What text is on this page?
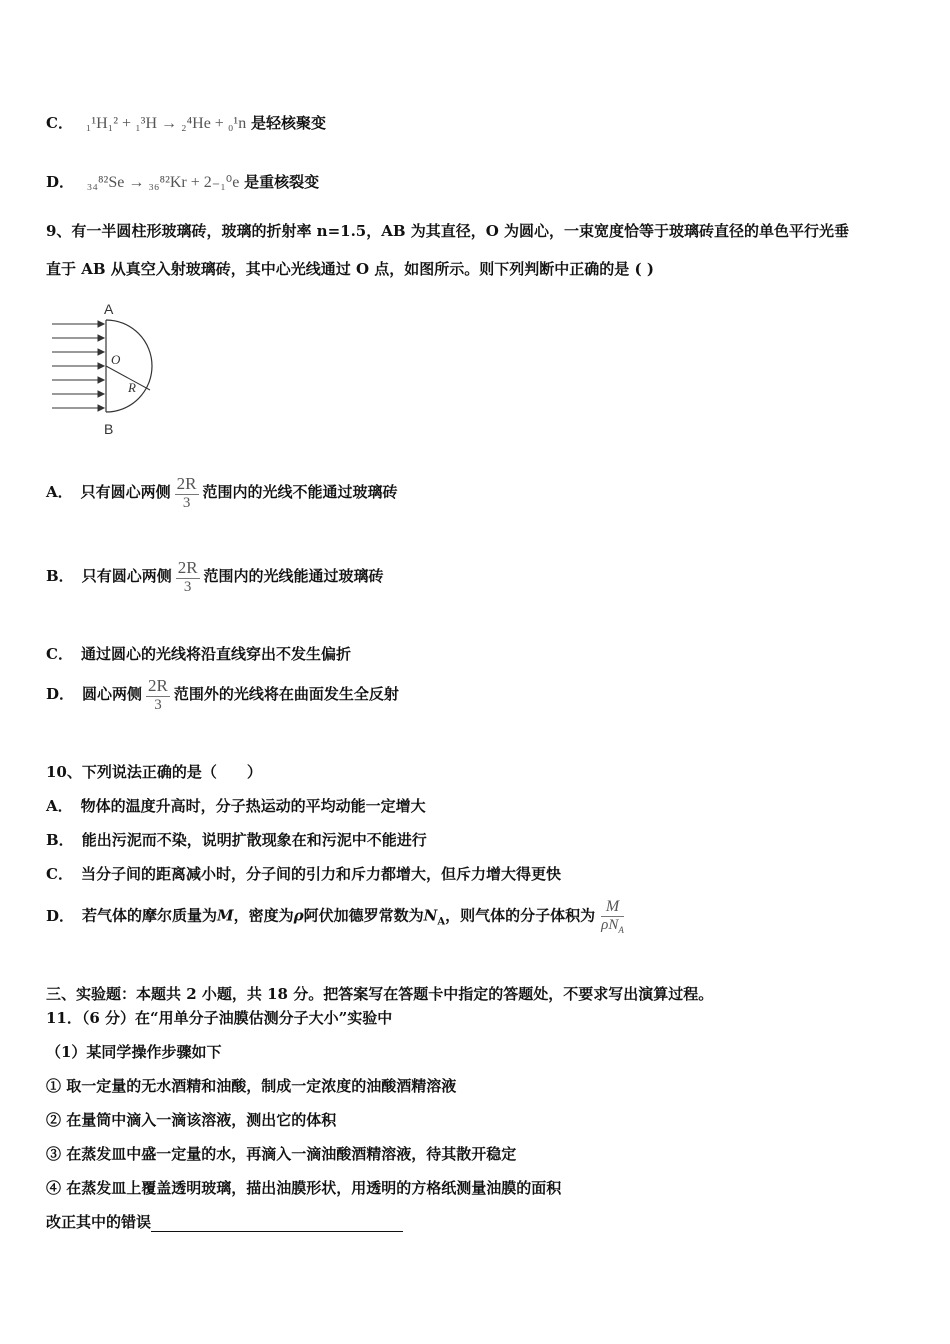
C． ₁¹H₁² + ₁³H → ₂⁴He + ₀¹n 是轻核聚变
D． ₃₄⁸²Se → ₃₆⁸²Kr + 2₋₁⁰e 是重核裂变
9、有一半圆柱形玻璃砖，玻璃的折射率 n=1.5，AB 为其直径，O 为圆心，一束宽度恰等于玻璃砖直径的单色平行光垂
直于 AB 从真空入射玻璃砖，其中心光线通过 O 点，如图所示。则下列判断中正确的是 ( )
A
B
O
R
A． 只有圆心两侧 $\frac{2R}{3}$ 范围内的光线不能通过玻璃砖
B． 只有圆心两侧 $\frac{2R}{3}$ 范围内的光线能通过玻璃砖
C． 通过圆心的光线将沿直线穿出不发生偏折
D． 圆心两侧 $\frac{2R}{3}$ 范围外的光线将在曲面发生全反射
10、下列说法正确的是（　　）
A． 物体的温度升高时，分子热运动的平均动能一定增大
B． 能出污泥而不染，说明扩散现象在和污泥中不能进行
C． 当分子间的距离减小时，分子间的引力和斥力都增大，但斥力增大得更快
D． 若气体的摩尔质量为M，密度为ρ阿伏加德罗常数为$N_A$，则气体的分子体积为 $\frac{M}{\rho N_A}$
三、实验题：本题共 2 小题，共 18 分。把答案写在答题卡中指定的答题处，不要求写出演算过程。
11．（6 分）在“用单分子油膜估测分子大小”实验中
（1）某同学操作步骤如下
① 取一定量的无水酒精和油酸，制成一定浓度的油酸酒精溶液
② 在量筒中滴入一滴该溶液，测出它的体积
③ 在蒸发皿中盛一定量的水，再滴入一滴油酸酒精溶液，待其散开稳定
④ 在蒸发皿上覆盖透明玻璃，描出油膜形状，用透明的方格纸测量油膜的面积
改正其中的错误
